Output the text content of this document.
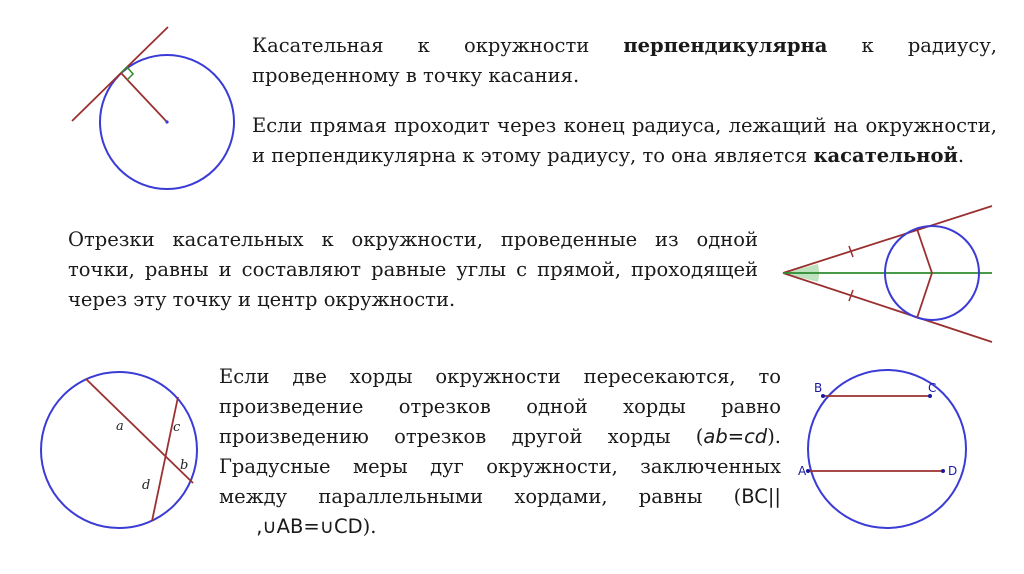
Касательная к окружности перпендикулярна к радиусу, проведенному в точку касания.

Если прямая проходит через конец радиуса, лежащий на окружности, и перпендикулярна к этому радиусу, то она является касательной.

Отрезки касательных к окружности, проведенные из одной точки, равны и составляют равные углы с прямой, проходящей через эту точку и центр окружности.

Если две хорды окружности пересекаются, то произведение отрезков одной хорды равно произведению отрезков другой хорды (ab=cd). Градусные меры дуг окружности, заключенных между параллельными хордами, равны (BC||      ,∪AB=∪CD).

a	c
b
d
B	C
A	D
